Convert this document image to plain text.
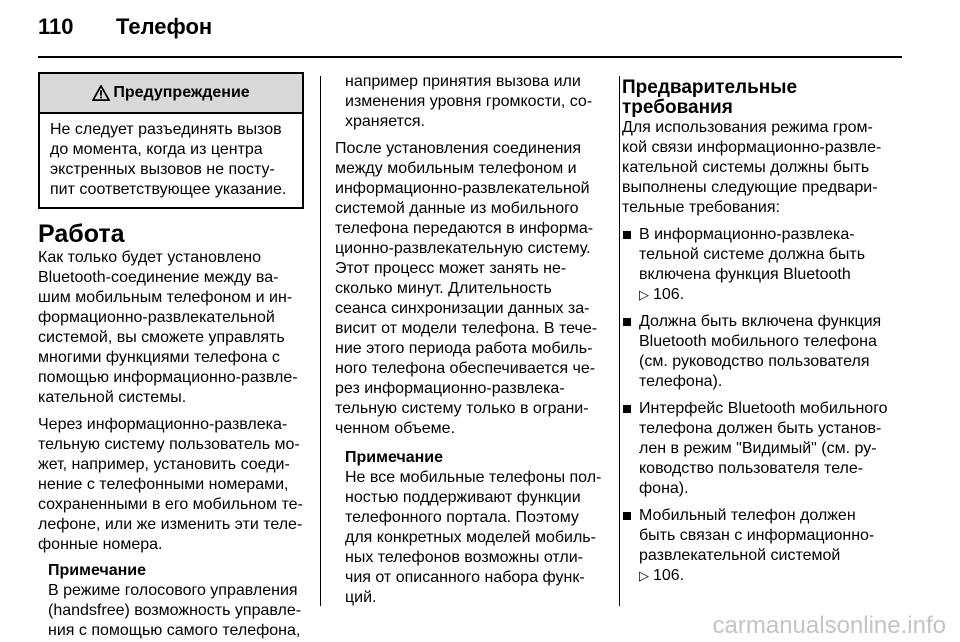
110 Телефон
Предупреждение

Не следует разъединять вызов

до момента, когда из центра

экстренных вызовов не посту-

пит соответствующее указание.

Работа

Как только будет установлено

Bluetooth-соединение между ва-

шим мобильным телефоном и ин-

формационно-развлекательной

системой, вы сможете управлять

многими функциями телефона с

помощью информационно-развле-

кательной системы.

Через информационно-развлека-

тельную систему пользователь мо-

жет, например, установить соеди-

нение с телефонными номерами,

сохраненными в его мобильном те-

лефоне, или же изменить эти теле-

фонные номера.

Примечание

В режиме голосового управления

(handsfree) возможность управле-

ния с помощью самого телефона,

например принятия вызова или

изменения уровня громкости, со-

храняется.

После установления соединения

между мобильным телефоном и

информационно-развлекательной

системой данные из мобильного

телефона передаются в информа-

ционно-развлекательную систему.

Этот процесс может занять не-

сколько минут. Длительность

сеанса синхронизации данных за-

висит от модели телефона. В тече-

ние этого периода работа мобиль-

ного телефона обеспечивается че-

рез информационно-развлека-

тельную систему только в ограни-

ченном объеме.

Примечание

Не все мобильные телефоны пол-

ностью поддерживают функции

телефонного портала. Поэтому

для конкретных моделей мобиль-

ных телефонов возможны отли-

чия от описанного набора функ-

ций.

Предварительные

требования

Для использования режима гром-

кой связи информационно-развле-

кательной системы должны быть

выполнены следующие предвари-

тельные требования:

В информационно-развлека-

тельной системе должна быть

включена функция Bluetooth

▷ 106.

Должна быть включена функция

Bluetooth мобильного телефона

(см. руководство пользователя

телефона).

Интерфейс Bluetooth мобильного

телефона должен быть установ-

лен в режим "Видимый" (см. ру-

ководство пользователя теле-

фона).

Мобильный телефон должен

быть связан с информационно-

развлекательной системой

▷ 106.

carmanualsonline.info
